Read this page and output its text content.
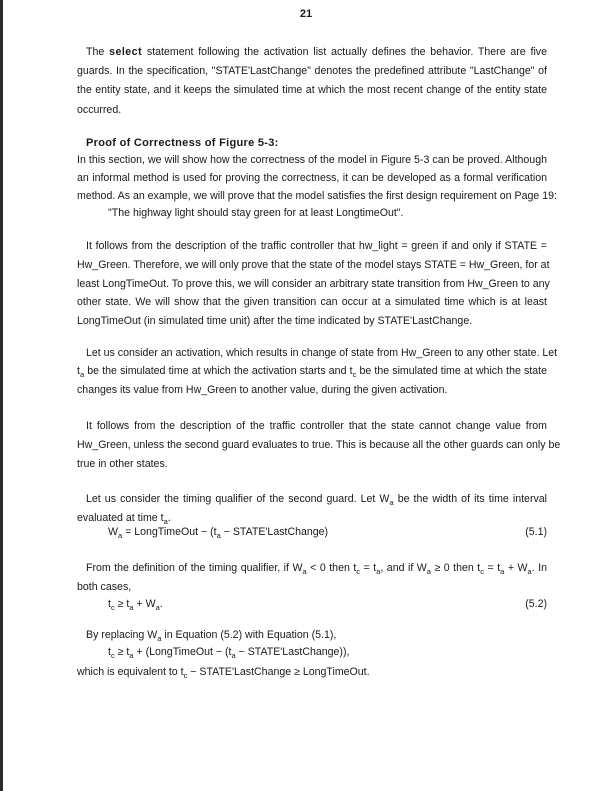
21
The select statement following the activation list actually defines the behavior. There are five
guards. In the specification, "STATE'LastChange" denotes the predefined attribute "LastChange" of
the entity state, and it keeps the simulated time at which the most recent change of the entity state
occurred.
Proof of Correctness of Figure 5-3:
In this section, we will show how the correctness of the model in Figure 5-3 can be proved. Although
an informal method is used for proving the correctness, it can be developed as a formal verification
method. As an example, we will prove that the model satisfies the first design requirement on Page 19:
"The highway light should stay green for at least LongtimeOut".
It follows from the description of the traffic controller that hw_light = green if and only if STATE =
Hw_Green. Therefore, we will only prove that the state of the model stays STATE = Hw_Green, for at
least LongTimeOut. To prove this, we will consider an arbitrary state transition from Hw_Green to any
other state. We will show that the given transition can occur at a simulated time which is at least
LongTimeOut (in simulated time unit) after the time indicated by STATE'LastChange.
Let us consider an activation, which results in change of state from Hw_Green to any other state. Let
$t_a$ be the simulated time at which the activation starts and $t_c$ be the simulated time at which the state
changes its value from Hw_Green to another value, during the given activation.
It follows from the description of the traffic controller that the state cannot change value from
Hw_Green, unless the second guard evaluates to true. This is because all the other guards can only be
true in other states.
Let us consider the timing qualifier of the second guard. Let $W_a$ be the width of its time interval
evaluated at time $t_a$.
$W_a$ = LongTimeOut − ($t_a$ − STATE'LastChange)	(5.1)
From the definition of the timing qualifier, if $W_a < 0$ then $t_c = t_a$, and if $W_a \ge 0$ then $t_c = t_a + W_a$. In
both cases,
$t_c \ge t_a + W_a$.	(5.2)
By replacing $W_a$ in Equation (5.2) with Equation (5.1),
$t_c \ge t_a$ + (LongTimeOut − ($t_a$ − STATE'LastChange)),
which is equivalent to $t_c$ − STATE'LastChange ≥ LongTimeOut.
